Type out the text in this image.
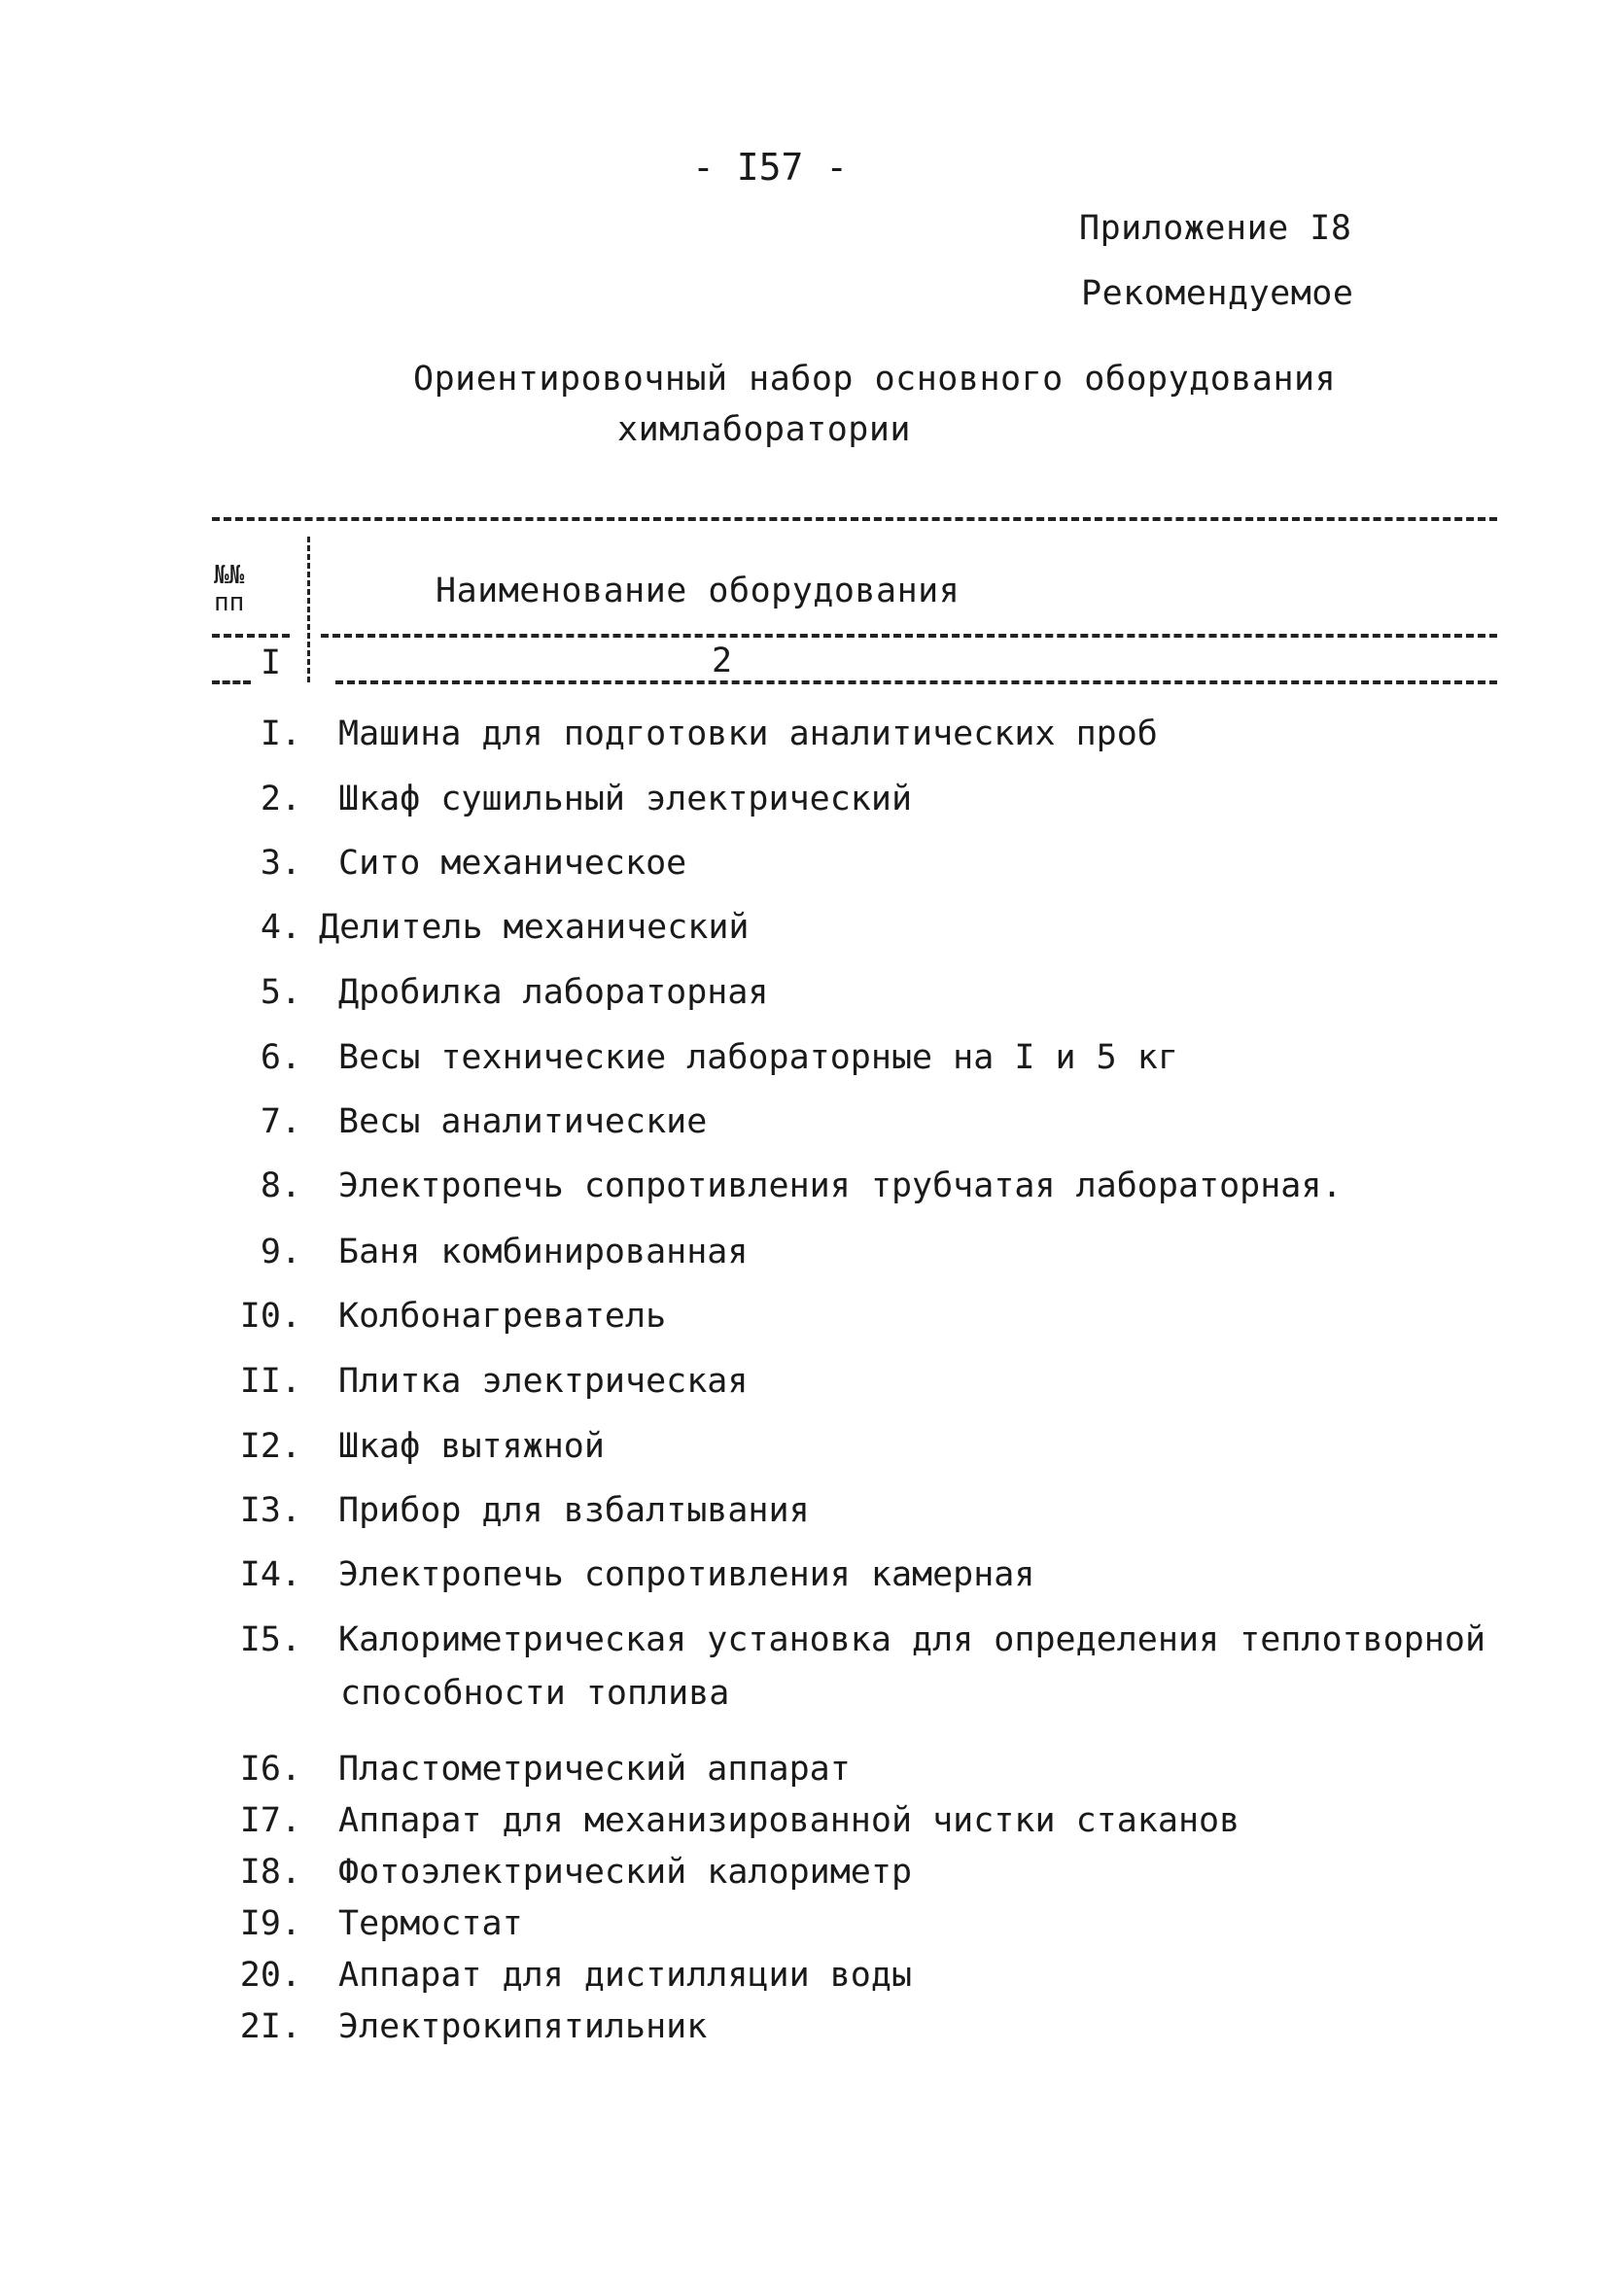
- I57 -
Приложение I8
Рекомендуемое
Ориентировочный набор основного оборудования
химлаборатории
№№
пп	Наименование оборудования
I	2
I. Машина для подготовки аналитических проб
2. Шкаф сушильный электрический
3. Сито механическое
4. Делитель механический
5. Дробилка лабораторная
6. Весы технические лабораторные на I и 5 кг
7. Весы аналитические
8. Электропечь сопротивления трубчатая лабораторная.
9. Баня комбинированная
I0. Колбонагреватель
II. Плитка электрическая
I2. Шкаф вытяжной
I3. Прибор для взбалтывания
I4. Электропечь сопротивления камерная
I5. Калориметрическая установка для определения теплотворной
способности топлива
I6. Пластометрический аппарат
I7. Аппарат для механизированной чистки стаканов
I8. Фотоэлектрический калориметр
I9. Термостат
20. Аппарат для дистилляции воды
2I. Электрокипятильник
